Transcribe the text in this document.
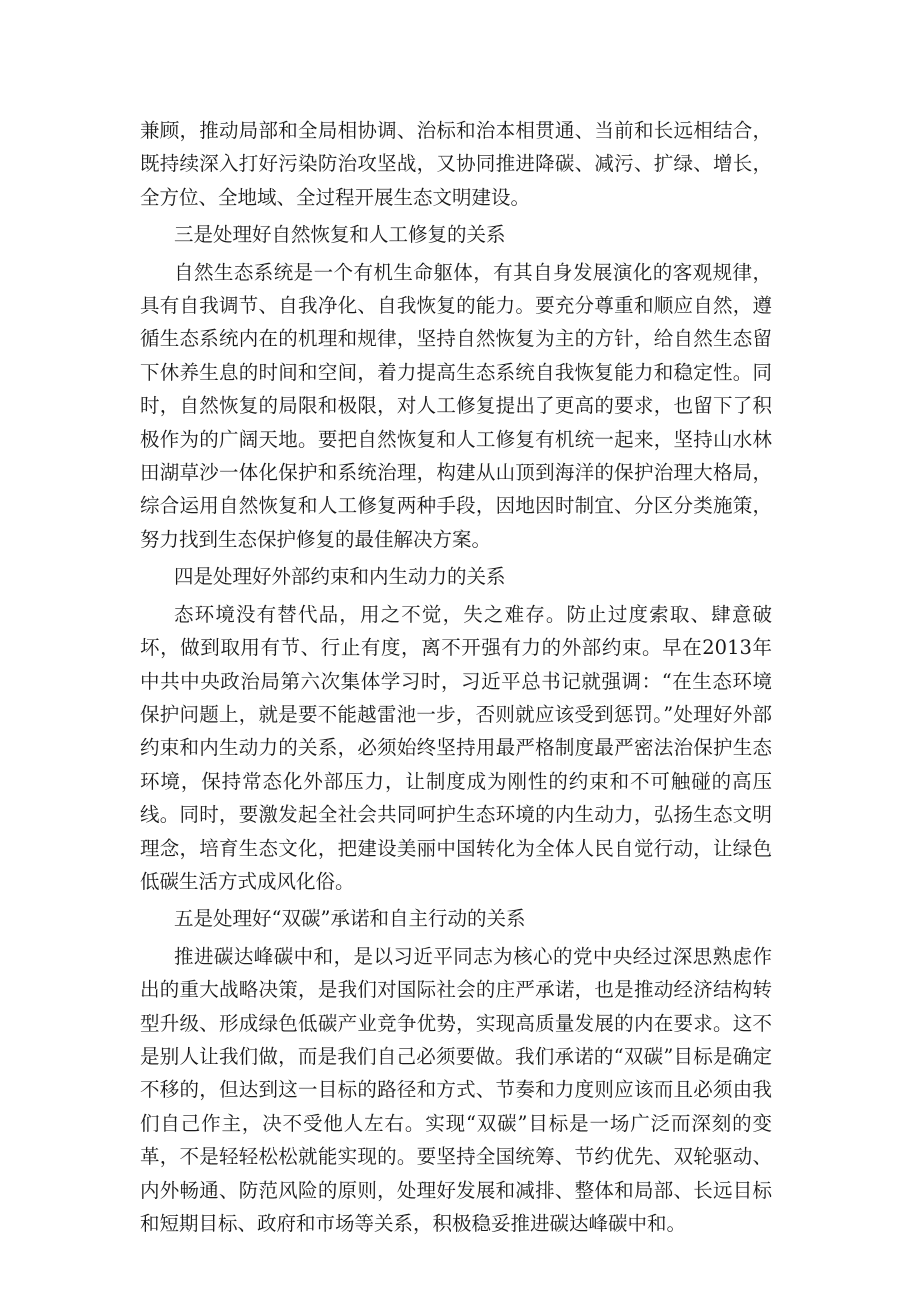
兼顾，推动局部和全局相协调、治标和治本相贯通、当前和长远相结合，既持续深入打好污染防治攻坚战，又协同推进降碳、减污、扩绿、增长，全方位、全地域、全过程开展生态文明建设。

三是处理好自然恢复和人工修复的关系

自然生态系统是一个有机生命躯体，有其自身发展演化的客观规律，具有自我调节、自我净化、自我恢复的能力。要充分尊重和顺应自然，遵循生态系统内在的机理和规律，坚持自然恢复为主的方针，给自然生态留下休养生息的时间和空间，着力提高生态系统自我恢复能力和稳定性。同时，自然恢复的局限和极限，对人工修复提出了更高的要求，也留下了积极作为的广阔天地。要把自然恢复和人工修复有机统一起来，坚持山水林田湖草沙一体化保护和系统治理，构建从山顶到海洋的保护治理大格局，综合运用自然恢复和人工修复两种手段，因地因时制宜、分区分类施策，努力找到生态保护修复的最佳解决方案。

四是处理好外部约束和内生动力的关系

态环境没有替代品，用之不觉，失之难存。防止过度索取、肆意破坏，做到取用有节、行止有度，离不开强有力的外部约束。早在2013年中共中央政治局第六次集体学习时，习近平总书记就强调：“在生态环境保护问题上，就是要不能越雷池一步，否则就应该受到惩罚。”处理好外部约束和内生动力的关系，必须始终坚持用最严格制度最严密法治保护生态环境，保持常态化外部压力，让制度成为刚性的约束和不可触碰的高压线。同时，要激发起全社会共同呵护生态环境的内生动力，弘扬生态文明理念，培育生态文化，把建设美丽中国转化为全体人民自觉行动，让绿色低碳生活方式成风化俗。

五是处理好“双碳”承诺和自主行动的关系

推进碳达峰碳中和，是以习近平同志为核心的党中央经过深思熟虑作出的重大战略决策，是我们对国际社会的庄严承诺，也是推动经济结构转型升级、形成绿色低碳产业竞争优势，实现高质量发展的内在要求。这不是别人让我们做，而是我们自己必须要做。我们承诺的“双碳”目标是确定不移的，但达到这一目标的路径和方式、节奏和力度则应该而且必须由我们自己作主，决不受他人左右。实现“双碳”目标是一场广泛而深刻的变革，不是轻轻松松就能实现的。要坚持全国统筹、节约优先、双轮驱动、内外畅通、防范风险的原则，处理好发展和减排、整体和局部、长远目标和短期目标、政府和市场等关系，积极稳妥推进碳达峰碳中和。
